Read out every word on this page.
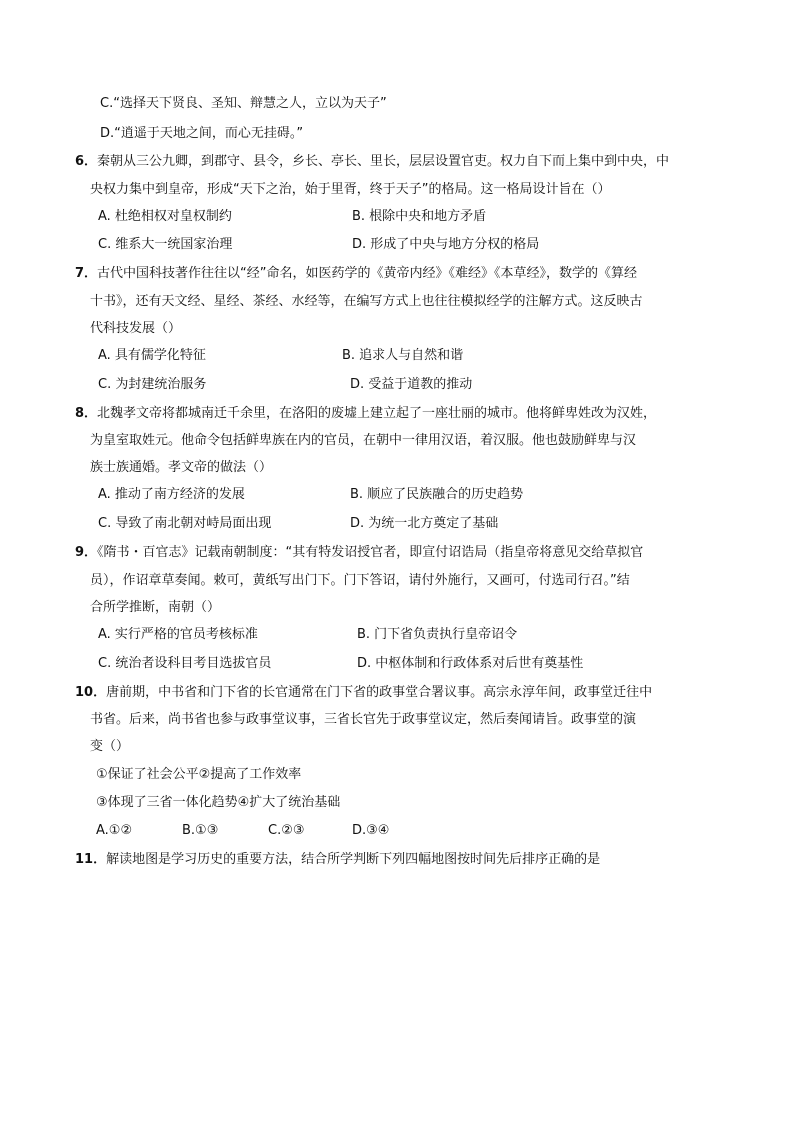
C.“选择天下贤良、圣知、辩慧之人，立以为天子”
D.“逍遥于天地之间，而心无挂碍。”
6．秦朝从三公九卿，到郡守、县令，乡长、亭长、里长，层层设置官吏。权力自下而上集中到中央，中
央权力集中到皇帝，形成“天下之治，始于里胥，终于天子”的格局。这一格局设计旨在（）
A. 杜绝相权对皇权制约	B. 根除中央和地方矛盾
C. 维系大一统国家治理	D. 形成了中央与地方分权的格局
7．古代中国科技著作往往以“经”命名，如医药学的《黄帝内经》《难经》《本草经》，数学的《算经
十书》，还有天文经、星经、茶经、水经等，在编写方式上也往往模拟经学的注解方式。这反映古
代科技发展（）
A. 具有儒学化特征	B. 追求人与自然和谐
C. 为封建统治服务	D. 受益于道教的推动
8．北魏孝文帝将都城南迁千余里，在洛阳的废墟上建立起了一座壮丽的城市。他将鲜卑姓改为汉姓，
为皇室取姓元。他命令包括鲜卑族在内的官员，在朝中一律用汉语，着汉服。他也鼓励鲜卑与汉
族士族通婚。孝文帝的做法（）
A. 推动了南方经济的发展	B. 顺应了民族融合的历史趋势
C. 导致了南北朝对峙局面出现	D. 为统一北方奠定了基础
9．《隋书・百官志》记载南朝制度：“其有特发诏授官者，即宣付诏诰局（指皇帝将意见交给草拟官
员），作诏章草奏闻。敕可，黄纸写出门下。门下答诏，请付外施行，又画可，付选司行召。”结
合所学推断，南朝（）
A. 实行严格的官员考核标准	B. 门下省负责执行皇帝诏令
C. 统治者设科目考目选拔官员	D. 中枢体制和行政体系对后世有奠基性
10．唐前期，中书省和门下省的长官通常在门下省的政事堂合署议事。高宗永淳年间，政事堂迁往中
书省。后来，尚书省也参与政事堂议事，三省长官先于政事堂议定，然后奏闻请旨。政事堂的演
变（）
①保证了社会公平②提高了工作效率
③体现了三省一体化趋势④扩大了统治基础
A.①②	B.①③	C.②③	D.③④
11．解读地图是学习历史的重要方法，结合所学判断下列四幅地图按时间先后排序正确的是
